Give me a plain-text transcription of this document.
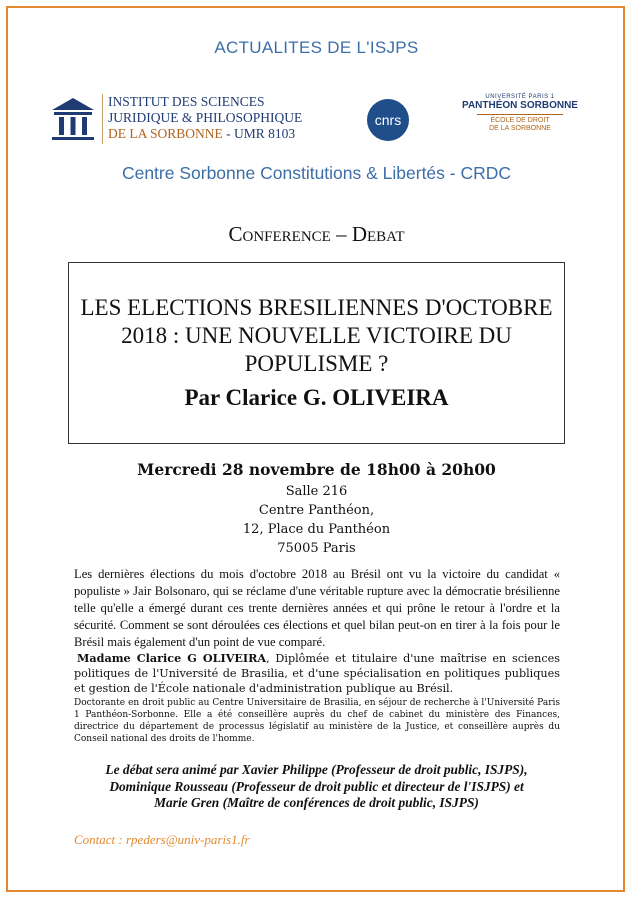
ACTUALITES DE L'ISJPS
INSTITUT DES SCIENCES
JURIDIQUE & PHILOSOPHIQUE
DE LA SORBONNE - UMR 8103
cnrs
UNIVERSITÉ PARIS 1
PANTHÉON SORBONNE
ÉCOLE DE DROIT
DE LA SORBONNE
Centre Sorbonne Constitutions & Libertés - CRDC
Conference – Debat
LES ELECTIONS BRESILIENNES D'OCTOBRE
2018 : UNE NOUVELLE VICTOIRE DU
POPULISME ?
Par Clarice G. OLIVEIRA
Mercredi 28 novembre de 18h00 à 20h00
Salle 216
Centre Panthéon,
12, Place du Panthéon
75005 Paris
Les dernières élections du mois d'octobre 2018 au Brésil ont vu la victoire du candidat « populiste » Jair Bolsonaro, qui se réclame d'une véritable rupture avec la démocratie brésilienne telle qu'elle a émergé durant ces trente dernières années et qui prône le retour à l'ordre et la sécurité. Comment se sont déroulées ces élections et quel bilan peut-on en tirer à la fois pour le Brésil mais également d'un point de vue comparé.
Madame Clarice G OLIVEIRA, Diplômée et titulaire d'une maîtrise en sciences politiques de l'Université de Brasilia, et d'une spécialisation en politiques publiques et gestion de l'École nationale d'administration publique au Brésil.
Doctorante en droit public au Centre Universitaire de Brasilia, en séjour de recherche à l'Université Paris 1 Panthéon-Sorbonne. Elle a été conseillère auprès du chef de cabinet du ministère des Finances, directrice du département de processus législatif au ministère de la Justice, et conseillère auprès du Conseil national des droits de l'homme.
Le débat sera animé par Xavier Philippe (Professeur de droit public, ISJPS),
Dominique Rousseau (Professeur de droit public et directeur de l'ISJPS) et
Marie Gren (Maître de conférences de droit public, ISJPS)
Contact : rpeders@univ-paris1.fr
